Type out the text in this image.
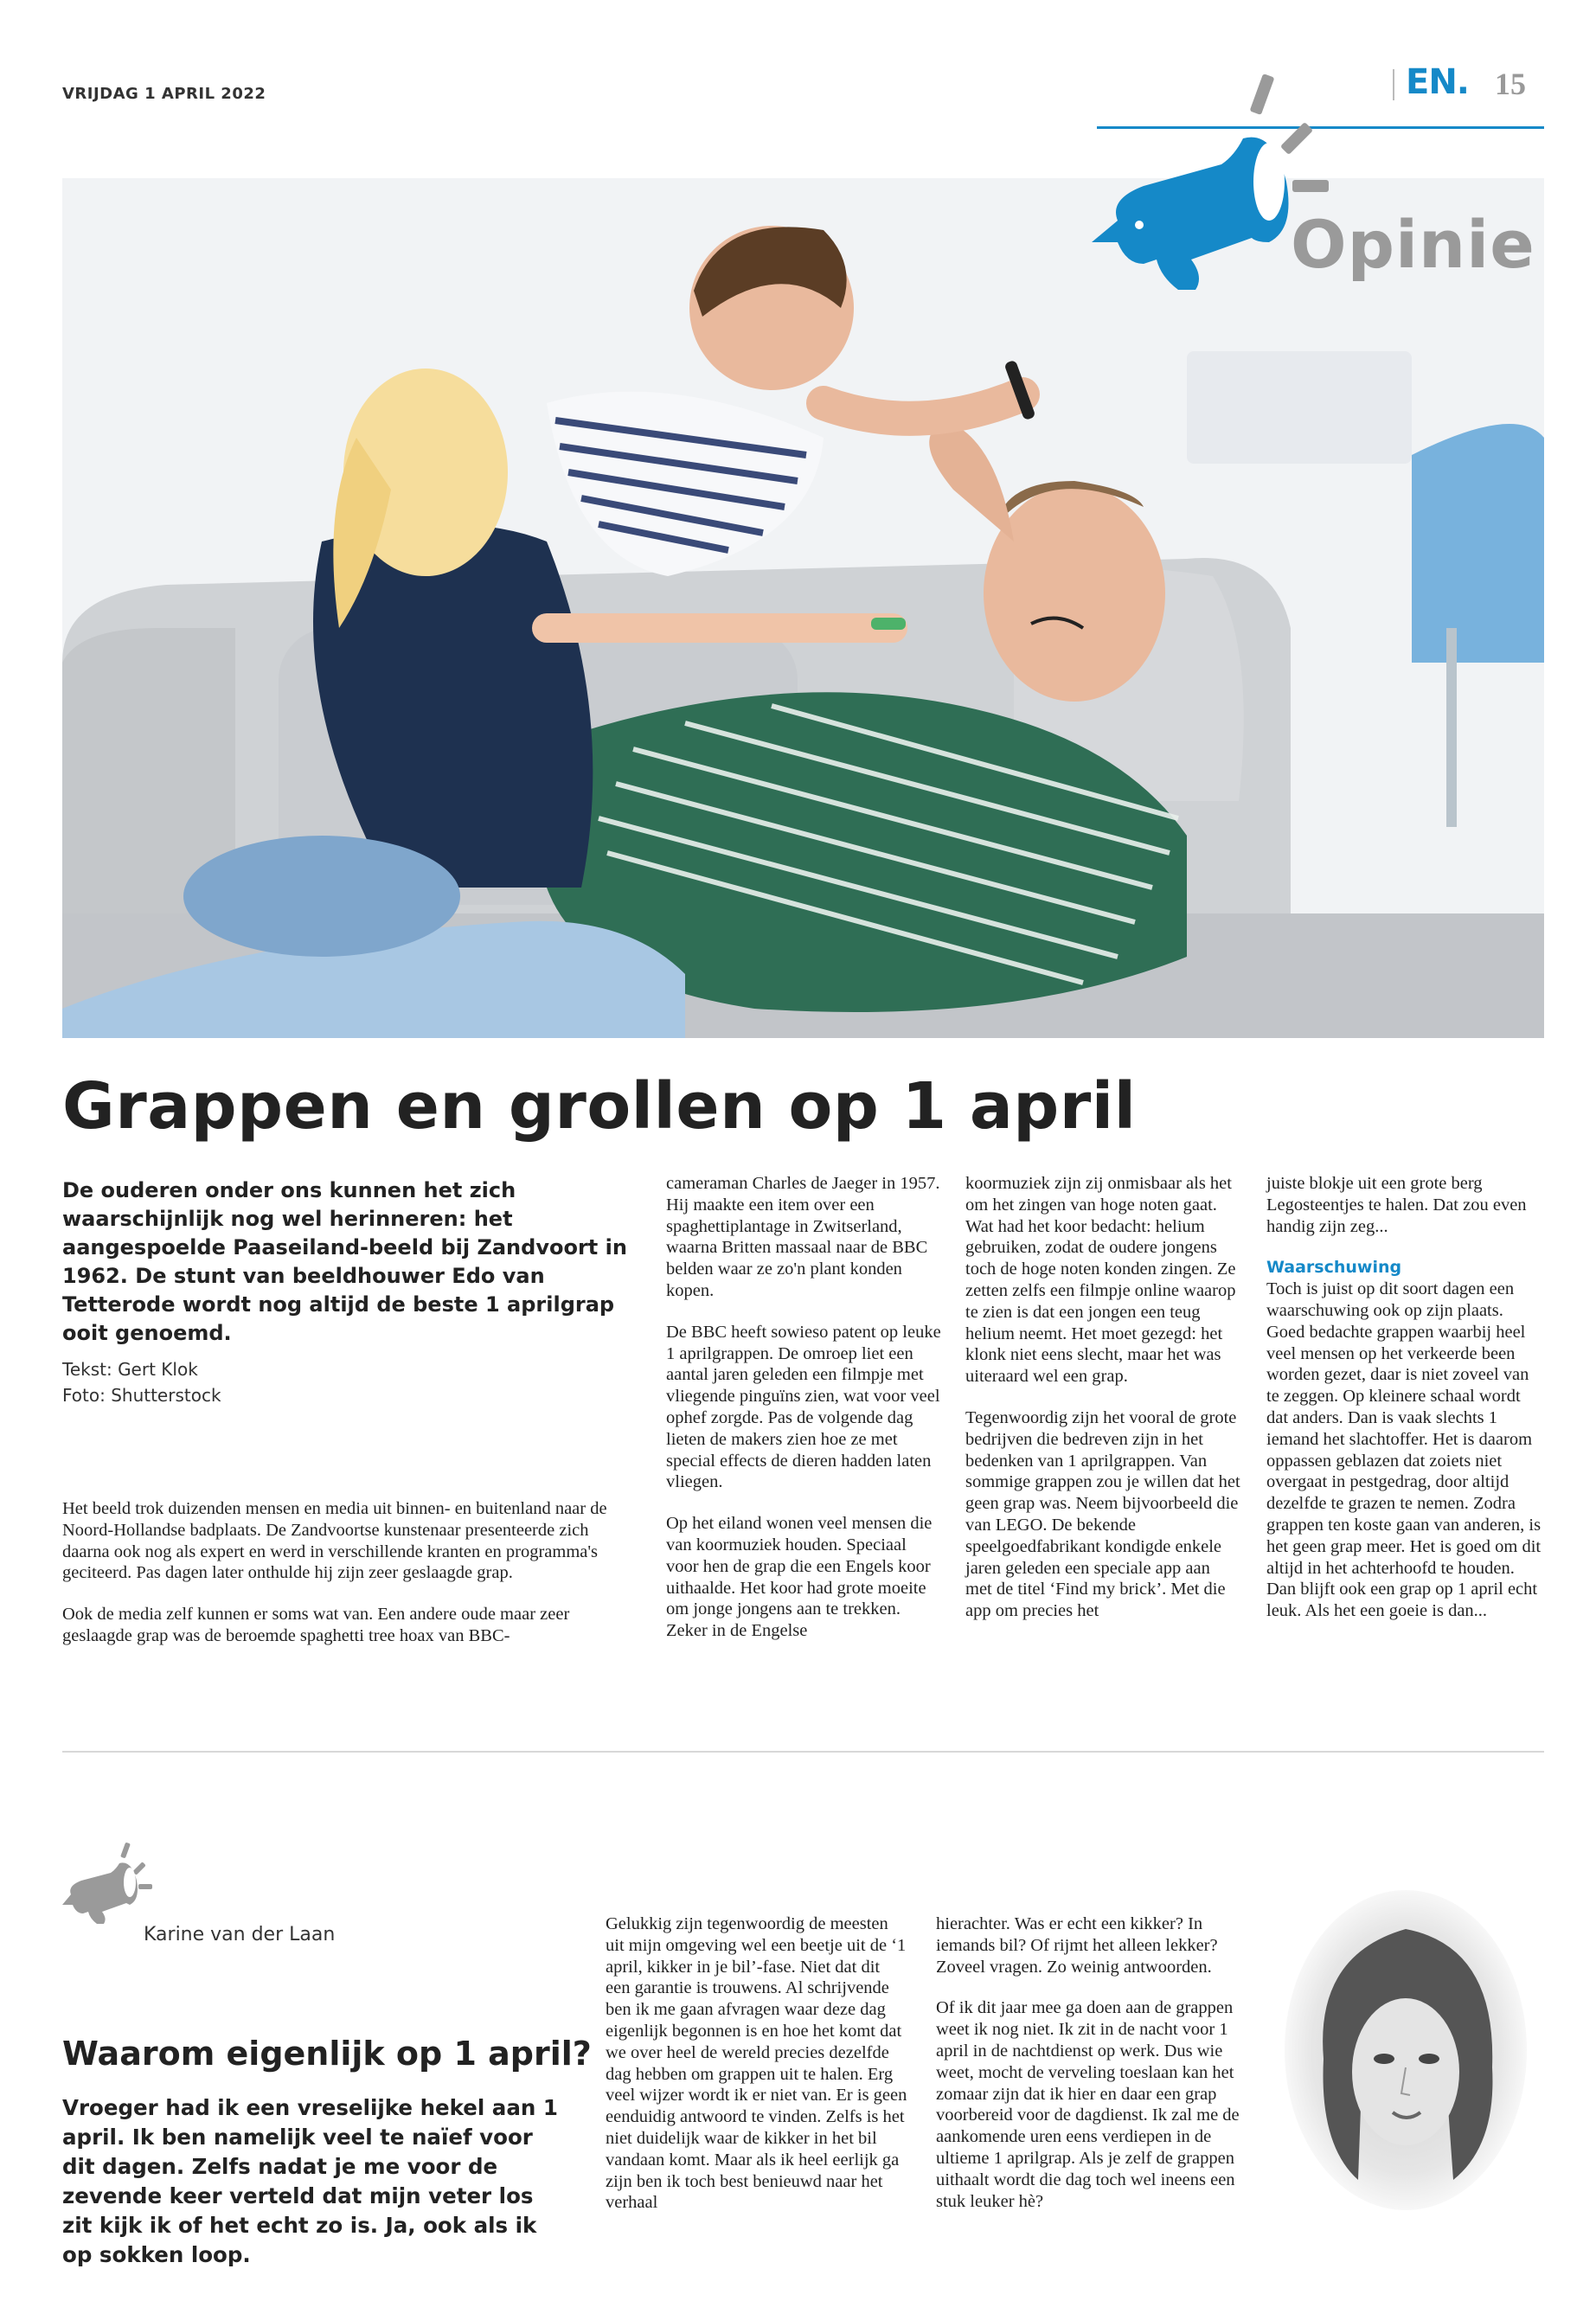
VRIJDAG 1 APRIL 2022	EN. 15
Opinie
Grappen en grollen op 1 april
De ouderen onder ons kunnen het zich waarschijnlijk nog wel herinneren: het aangespoelde Paaseiland-beeld bij Zandvoort in 1962. De stunt van beeldhouwer Edo van Tetterode wordt nog altijd de beste 1 aprilgrap ooit genoemd.
Tekst: Gert Klok
Foto: Shutterstock

Het beeld trok duizenden mensen en media uit binnen- en buitenland naar de Noord-Hollandse badplaats. De Zandvoortse kunstenaar presenteerde zich daarna ook nog als expert en werd in verschillende kranten en programma's geciteerd. Pas dagen later onthulde hij zijn zeer geslaagde grap.

Ook de media zelf kunnen er soms wat van. Een andere oude maar zeer geslaagde grap was de beroemde spaghetti tree hoax van BBC-

cameraman Charles de Jaeger in 1957. Hij maakte een item over een spaghettiplantage in Zwitserland, waarna Britten massaal naar de BBC belden waar ze zo'n plant konden kopen.

De BBC heeft sowieso patent op leuke 1 aprilgrappen. De omroep liet een aantal jaren geleden een filmpje met vliegende pinguïns zien, wat voor veel ophef zorgde. Pas de volgende dag lieten de makers zien hoe ze met special effects de dieren hadden laten vliegen.

Op het eiland wonen veel mensen die van koormuziek houden. Speciaal voor hen de grap die een Engels koor uithaalde. Het koor had grote moeite om jonge jongens aan te trekken. Zeker in de Engelse

koormuziek zijn zij onmisbaar als het om het zingen van hoge noten gaat. Wat had het koor bedacht: helium gebruiken, zodat de oudere jongens toch de hoge noten konden zingen. Ze zetten zelfs een filmpje online waarop te zien is dat een jongen een teug helium neemt. Het moet gezegd: het klonk niet eens slecht, maar het was uiteraard wel een grap.

Tegenwoordig zijn het vooral de grote bedrijven die bedreven zijn in het bedenken van 1 aprilgrappen. Van sommige grappen zou je willen dat het geen grap was. Neem bijvoorbeeld die van LEGO. De bekende speelgoedfabrikant kondigde enkele jaren geleden een speciale app aan met de titel ‘Find my brick’. Met die app om precies het

juiste blokje uit een grote berg Legosteentjes te halen. Dat zou even handig zijn zeg...

Waarschuwing

Toch is juist op dit soort dagen een waarschuwing ook op zijn plaats. Goed bedachte grappen waarbij heel veel mensen op het verkeerde been worden gezet, daar is niet zoveel van te zeggen. Op kleinere schaal wordt dat anders. Dan is vaak slechts 1 iemand het slachtoffer. Het is daarom oppassen geblazen dat zoiets niet overgaat in pestgedrag, door altijd dezelfde te grazen te nemen. Zodra grappen ten koste gaan van anderen, is het geen grap meer. Het is goed om dit altijd in het achterhoofd te houden. Dan blijft ook een grap op 1 april echt leuk. Als het een goeie is dan...

Karine van der Laan
Waarom eigenlijk op 1 april?
Vroeger had ik een vreselijke hekel aan 1 april. Ik ben namelijk veel te naïef voor dit dagen. Zelfs nadat je me voor de zevende keer verteld dat mijn veter los zit kijk ik of het echt zo is. Ja, ook als ik op sokken loop.

Gelukkig zijn tegenwoordig de meesten uit mijn omgeving wel een beetje uit de ‘1 april, kikker in je bil’-fase. Niet dat dit een garantie is trouwens. Al schrijvende ben ik me gaan afvragen waar deze dag eigenlijk begonnen is en hoe het komt dat we over heel de wereld precies dezelfde dag hebben om grappen uit te halen. Erg veel wijzer wordt ik er niet van. Er is geen eenduidig antwoord te vinden. Zelfs is het niet duidelijk waar de kikker in het bil vandaan komt. Maar als ik heel eerlijk ga zijn ben ik toch best benieuwd naar het verhaal

hierachter. Was er echt een kikker? In iemands bil? Of rijmt het alleen lekker? Zoveel vragen. Zo weinig antwoorden.

Of ik dit jaar mee ga doen aan de grappen weet ik nog niet. Ik zit in de nacht voor 1 april in de nachtdienst op werk. Dus wie weet, mocht de verveling toeslaan kan het zomaar zijn dat ik hier en daar een grap voorbereid voor de dagdienst. Ik zal me de aankomende uren eens verdiepen in de ultieme 1 aprilgrap. Als je zelf de grappen uithaalt wordt die dag toch wel ineens een stuk leuker hè?
